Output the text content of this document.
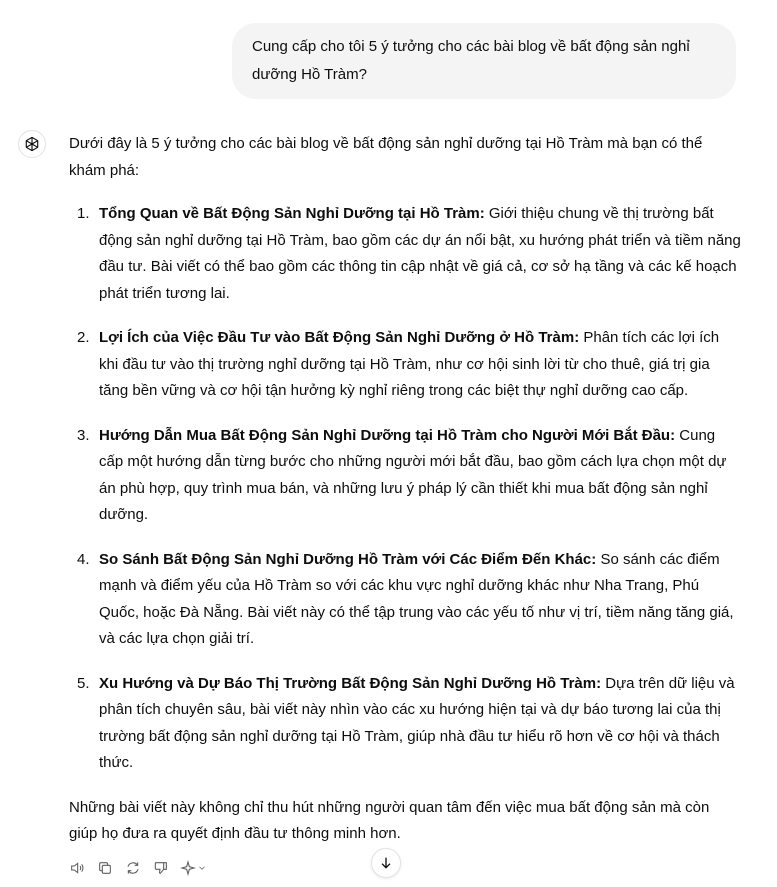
Cung cấp cho tôi 5 ý tưởng cho các bài blog về bất động sản nghỉ dưỡng Hồ Tràm?

Dưới đây là 5 ý tưởng cho các bài blog về bất động sản nghỉ dưỡng tại Hồ Tràm mà bạn có thể khám phá:

1. Tổng Quan về Bất Động Sản Nghỉ Dưỡng tại Hồ Tràm: Giới thiệu chung về thị trường bất động sản nghỉ dưỡng tại Hồ Tràm, bao gồm các dự án nổi bật, xu hướng phát triển và tiềm năng đầu tư. Bài viết có thể bao gồm các thông tin cập nhật về giá cả, cơ sở hạ tầng và các kế hoạch phát triển tương lai.
2. Lợi Ích của Việc Đầu Tư vào Bất Động Sản Nghỉ Dưỡng ở Hồ Tràm: Phân tích các lợi ích khi đầu tư vào thị trường nghỉ dưỡng tại Hồ Tràm, như cơ hội sinh lời từ cho thuê, giá trị gia tăng bền vững và cơ hội tận hưởng kỳ nghỉ riêng trong các biệt thự nghỉ dưỡng cao cấp.
3. Hướng Dẫn Mua Bất Động Sản Nghỉ Dưỡng tại Hồ Tràm cho Người Mới Bắt Đầu: Cung cấp một hướng dẫn từng bước cho những người mới bắt đầu, bao gồm cách lựa chọn một dự án phù hợp, quy trình mua bán, và những lưu ý pháp lý cần thiết khi mua bất động sản nghỉ dưỡng.
4. So Sánh Bất Động Sản Nghỉ Dưỡng Hồ Tràm với Các Điểm Đến Khác: So sánh các điểm mạnh và điểm yếu của Hồ Tràm so với các khu vực nghỉ dưỡng khác như Nha Trang, Phú Quốc, hoặc Đà Nẵng. Bài viết này có thể tập trung vào các yếu tố như vị trí, tiềm năng tăng giá, và các lựa chọn giải trí.
5. Xu Hướng và Dự Báo Thị Trường Bất Động Sản Nghỉ Dưỡng Hồ Tràm: Dựa trên dữ liệu và phân tích chuyên sâu, bài viết này nhìn vào các xu hướng hiện tại và dự báo tương lai của thị trường bất động sản nghỉ dưỡng tại Hồ Tràm, giúp nhà đầu tư hiểu rõ hơn về cơ hội và thách thức.

Những bài viết này không chỉ thu hút những người quan tâm đến việc mua bất động sản mà còn giúp họ đưa ra quyết định đầu tư thông minh hơn.
